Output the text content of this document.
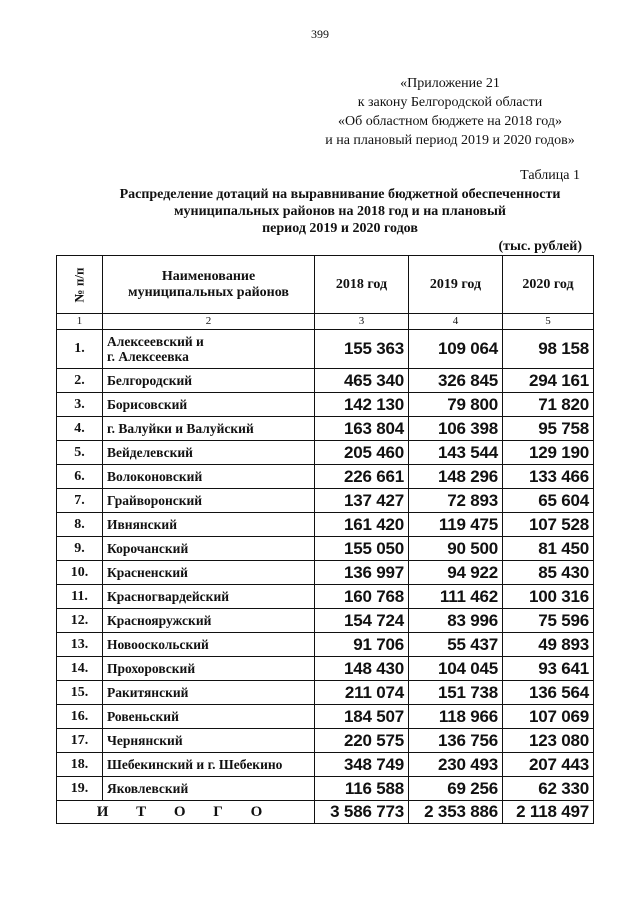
399
«Приложение 21
к закону Белгородской области
«Об областном бюджете на 2018 год»
и на плановый период 2019 и 2020 годов»
Таблица 1
Распределение дотаций на выравнивание бюджетной обеспеченности
муниципальных районов на 2018 год и на плановый
период 2019 и 2020 годов
(тыс. рублей)
№ п/п	Наименование
муниципальных районов	2018 год	2019 год	2020 год
1	2	3	4	5
1.	Алексеевский и
г. Алексеевка	155 363	109 064	98 158
2.	Белгородский	465 340	326 845	294 161
3.	Борисовский	142 130	79 800	71 820
4.	г. Валуйки и Валуйский	163 804	106 398	95 758
5.	Вейделевский	205 460	143 544	129 190
6.	Волоконовский	226 661	148 296	133 466
7.	Грайворонский	137 427	72 893	65 604
8.	Ивнянский	161 420	119 475	107 528
9.	Корочанский	155 050	90 500	81 450
10.	Красненский	136 997	94 922	85 430
11.	Красногвардейский	160 768	111 462	100 316
12.	Краснояружский	154 724	83 996	75 596
13.	Новооскольский	91 706	55 437	49 893
14.	Прохоровский	148 430	104 045	93 641
15.	Ракитянский	211 074	151 738	136 564
16.	Ровеньский	184 507	118 966	107 069
17.	Чернянский	220 575	136 756	123 080
18.	Шебекинский и г. Шебекино	348 749	230 493	207 443
19.	Яковлевский	116 588	69 256	62 330
И Т О Г О		3 586 773	2 353 886	2 118 497
